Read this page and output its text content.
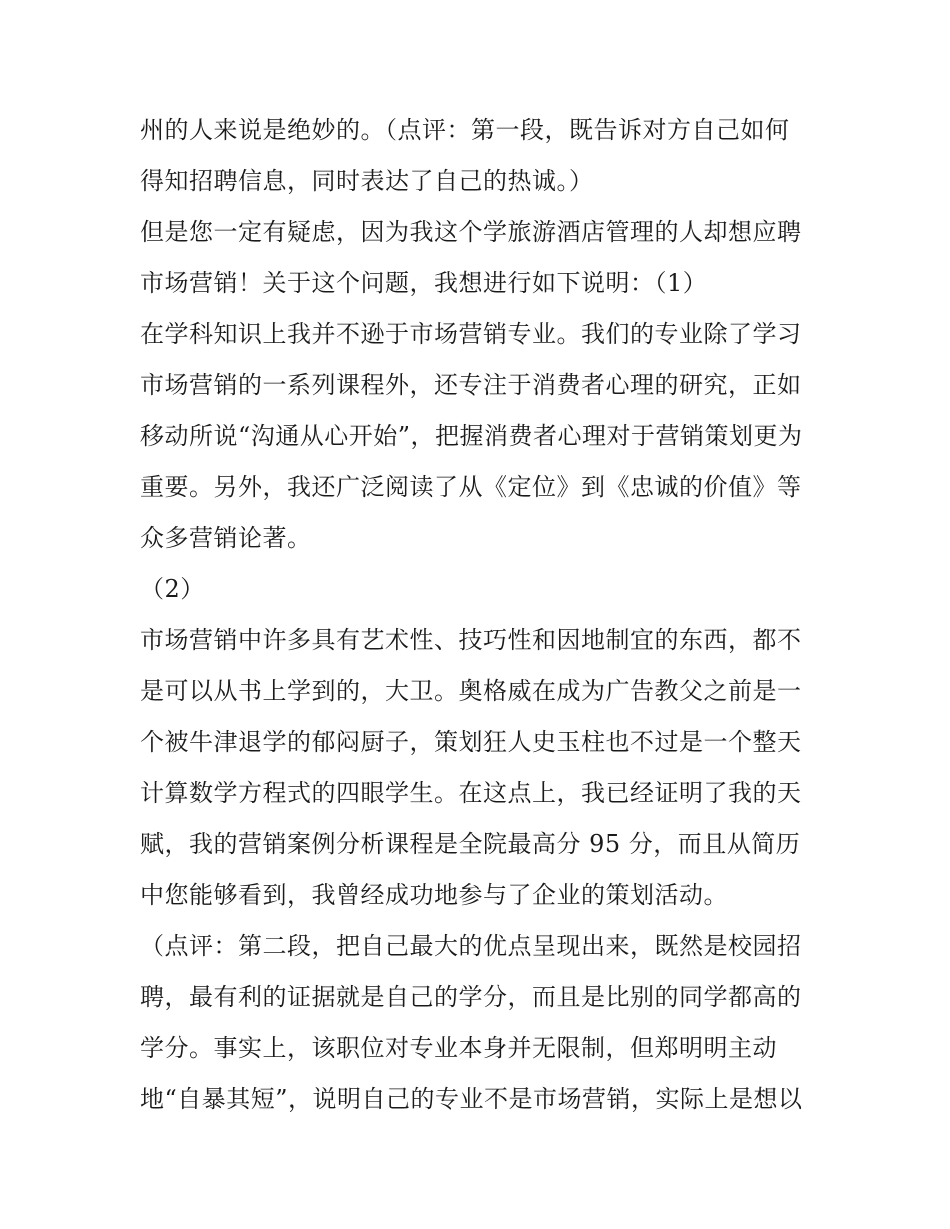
州的人来说是绝妙的。（点评：第一段，既告诉对方自己如何
得知招聘信息，同时表达了自己的热诚。）
但是您一定有疑虑，因为我这个学旅游酒店管理的人却想应聘
市场营销！关于这个问题，我想进行如下说明：（1）
在学科知识上我并不逊于市场营销专业。我们的专业除了学习
市场营销的一系列课程外，还专注于消费者心理的研究，正如
移动所说“沟通从心开始”，把握消费者心理对于营销策划更为
重要。另外，我还广泛阅读了从《定位》到《忠诚的价值》等
众多营销论著。
（2）
市场营销中许多具有艺术性、技巧性和因地制宜的东西，都不
是可以从书上学到的，大卫。奥格威在成为广告教父之前是一
个被牛津退学的郁闷厨子，策划狂人史玉柱也不过是一个整天
计算数学方程式的四眼学生。在这点上，我已经证明了我的天
赋，我的营销案例分析课程是全院最高分 95 分，而且从简历
中您能够看到，我曾经成功地参与了企业的策划活动。
（点评：第二段，把自己最大的优点呈现出来，既然是校园招
聘，最有利的证据就是自己的学分，而且是比别的同学都高的
学分。事实上，该职位对专业本身并无限制，但郑明明主动
地“自暴其短”，说明自己的专业不是市场营销，实际上是想以
